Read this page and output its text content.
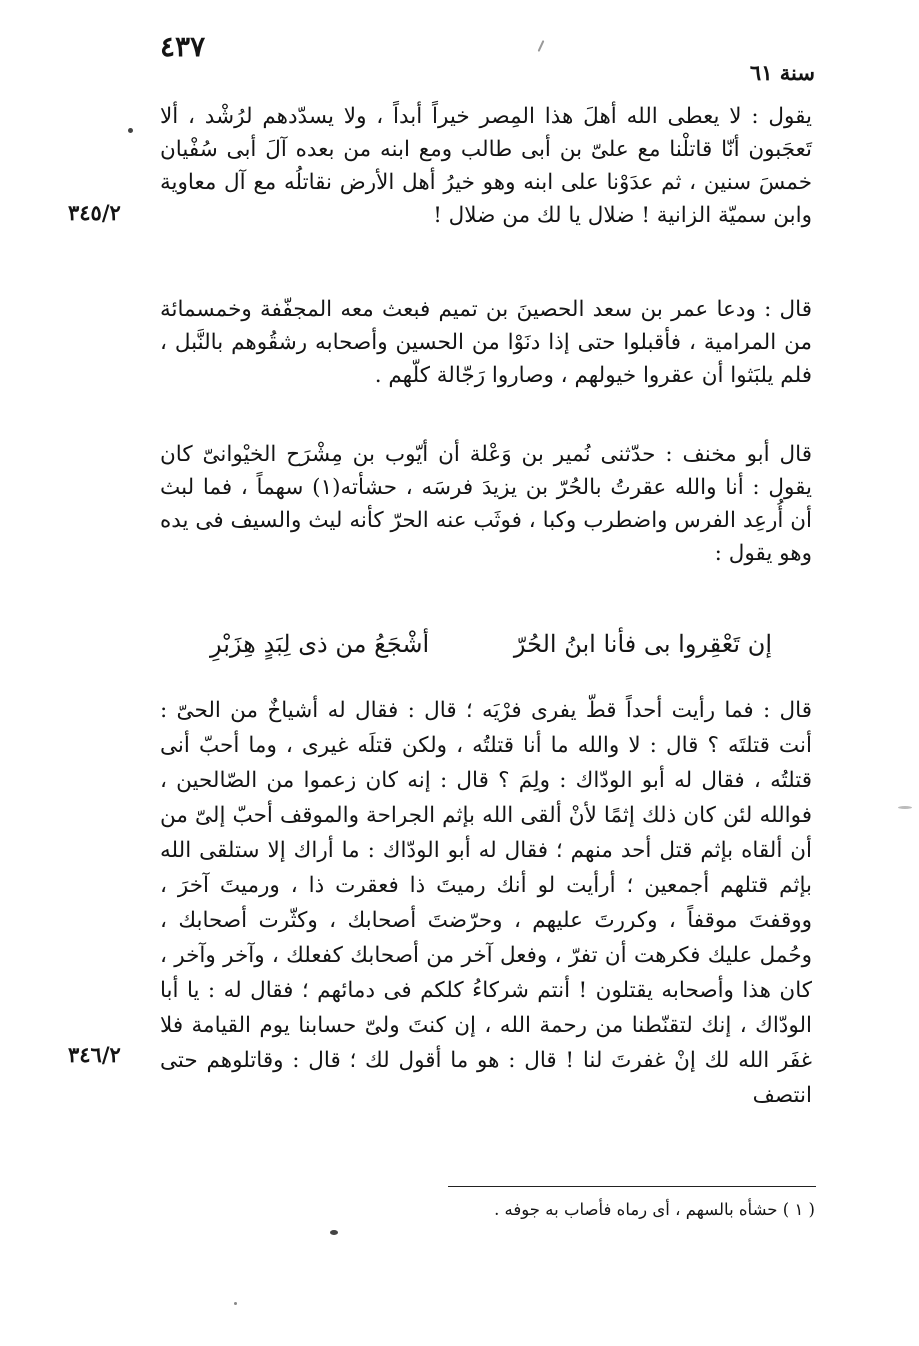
٤٣٧
سنة ٦١
٣٤٥/٢
٣٤٦/٢

يقول : لا يعطى الله أهلَ هذا المِصر خيراً أبداً ، ولا يسدّدهم لرُشْد ، ألا تَعجَبون أنّا قاتلْنا مع علىّ بن أبى طالب ومع ابنه من بعده آلَ أبى سُفْيان خمسَ سنين ، ثم عدَوْنا على ابنه وهو خيرُ أهل الأرض نقاتلُه مع آل معاوية وابن سميّة الزانية ! ضلال يا لك من ضلال !

قال : ودعا عمر بن سعد الحصينَ بن تميم فبعث معه المجفّفة وخمسمائة من المرامية ، فأقبلوا حتى إذا دنَوْا من الحسين وأصحابه رشقُوهم بالنَّبل ، فلم يلبَثوا أن عقروا خيولهم ، وصاروا رَجّالة كلّهم .

قال أبو مخنف : حدّثنى نُمير بن وَعْلة أن أيّوب بن مِشْرَح الخيْوانىّ كان يقول : أنا والله عقرتُ بالحُرّ بن يزيدَ فرسَه ، حشأته(١) سهماً ، فما لبث أن أُرعِد الفرس واضطرب وكبا ، فوثَب عنه الحرّ كأنه ليث والسيف فى يده وهو يقول :

قال : فما رأيت أحداً قطّ يفرى فرْيَه ؛ قال : فقال له أشياخٌ من الحىّ : أنت قتلتَه ؟ قال : لا والله ما أنا قتلتُه ، ولكن قتلَه غيرى ، وما أحبّ أنى قتلتُه ، فقال له أبو الودّاك : ولِمَ ؟ قال : إنه كان زعموا من الصّالحين ، فوالله لئن كان ذلك إثمًا لأنْ ألقى الله بإثم الجراحة والموقف أحبّ إلىّ من أن ألقاه بإثم قتل أحد منهم ؛ فقال له أبو الودّاك : ما أراك إلا ستلقى الله بإثم قتلهم أجمعين ؛ أرأيت لو أنك رميتَ ذا فعقرت ذا ، ورميتَ آخرَ ، ووقفتَ موقفاً ، وكررتَ عليهم ، وحرّضتَ أصحابك ، وكثّرت أصحابك ، وحُمل عليك فكرهت أن تفرّ ، وفعل آخر من أصحابك كفعلك ، وآخر وآخر ، كان هذا وأصحابه يقتلون ! أنتم شركاءُ كلكم فى دمائهم ؛ فقال له : يا أبا الودّاك ، إنك لتقنّطنا من رحمة الله ، إن كنتَ ولىّ حسابنا يوم القيامة فلا غفَر الله لك إنْ غفرتَ لنا ! قال : هو ما أقول لك ؛ قال : وقاتلوهم حتى انتصف

إن تَعْقِروا بى فأنا ابنُ الحُرّ
أشْجَعُ من ذى لِبَدٍ هِزَبْرِ
( ١ ) حشأه بالسهم ، أى رماه فأصاب به جوفه .
